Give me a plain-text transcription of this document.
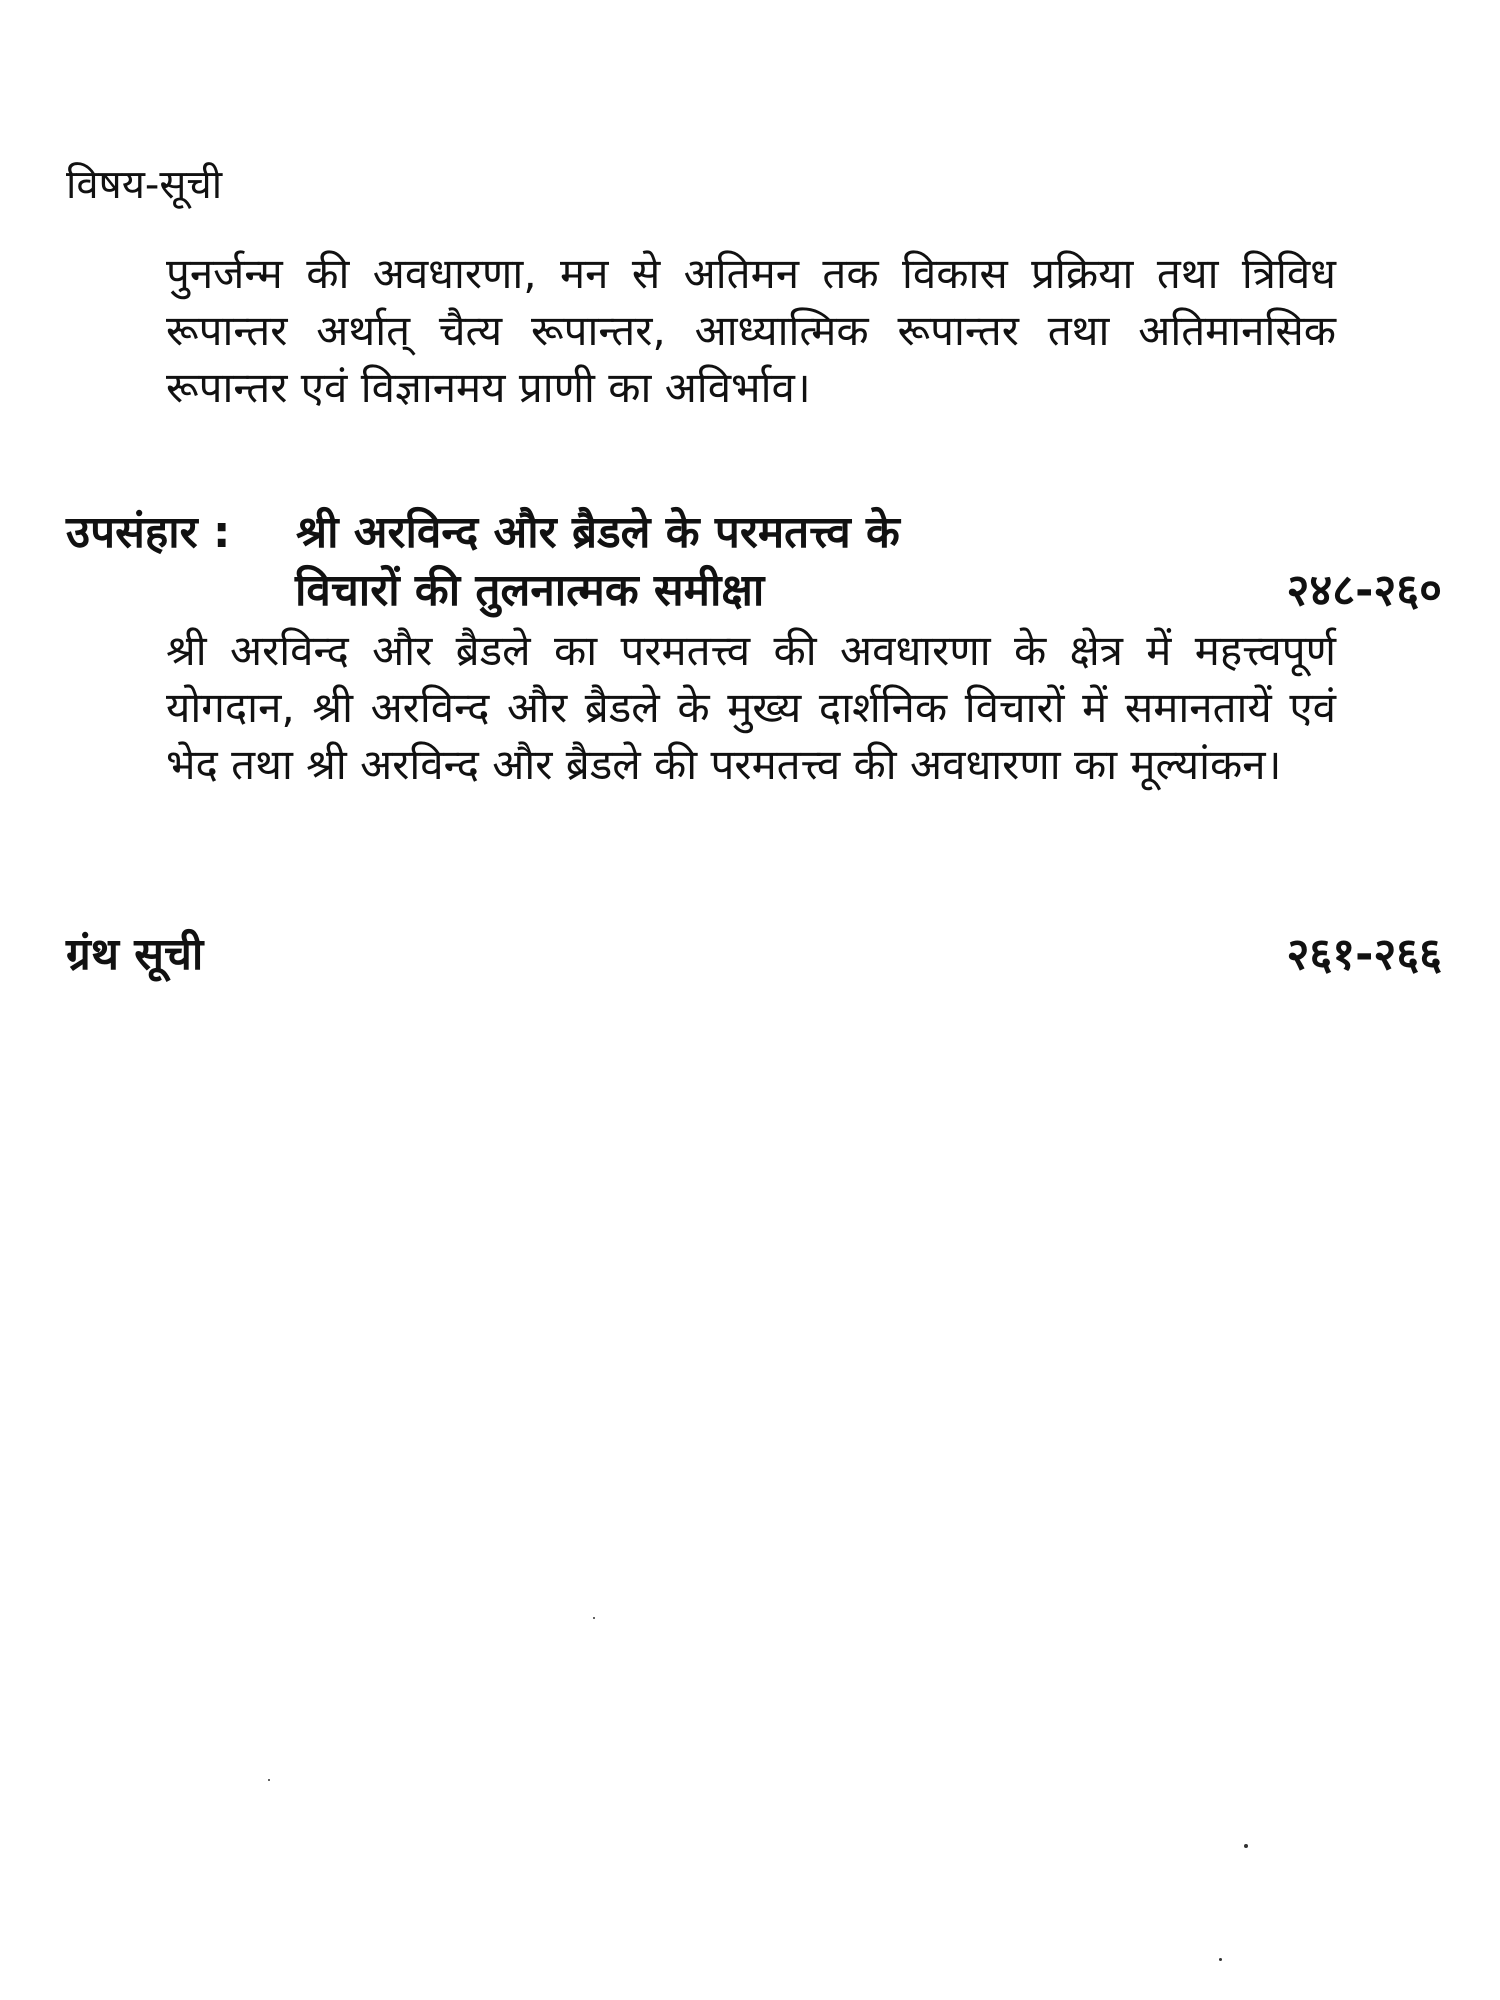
विषय-सूची
पुनर्जन्म की अवधारणा, मन से अतिमन तक विकास प्रक्रिया तथा त्रिविध रूपान्तर अर्थात् चैत्य रूपान्तर, आध्यात्मिक रूपान्तर तथा अतिमानसिक रूपान्तर एवं विज्ञानमय प्राणी का अविर्भाव।
उपसंहार : श्री अरविन्द और ब्रैडले के परमतत्त्व के
विचारों की तुलनात्मक समीक्षा	२४८-२६०
श्री अरविन्द और ब्रैडले का परमतत्त्व की अवधारणा के क्षेत्र में महत्त्वपूर्ण योगदान, श्री अरविन्द और ब्रैडले के मुख्य दार्शनिक विचारों में समानतायें एवं भेद तथा श्री अरविन्द और ब्रैडले की परमतत्त्व की अवधारणा का मूल्यांकन।
ग्रंथ सूची	२६१-२६६
